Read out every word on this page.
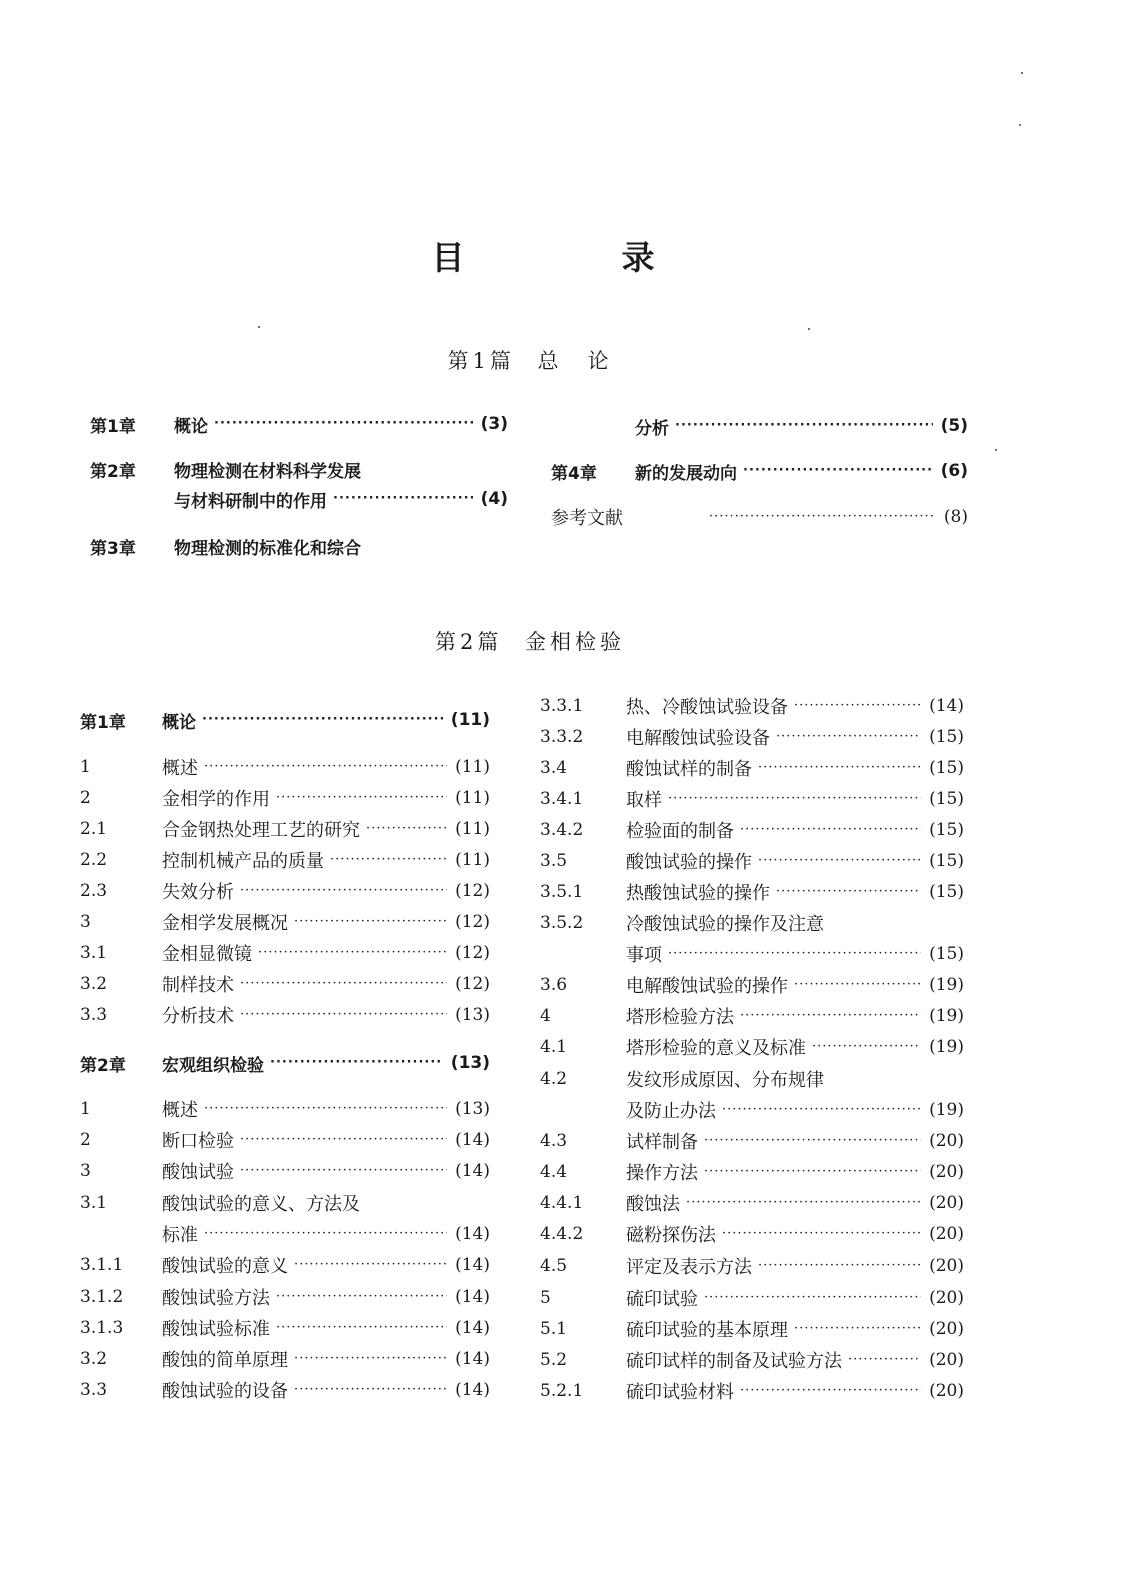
目　录
第1篇 总　论
第2篇 金相检验
第1章 概论	(3)
·····
第2章 物理检测在材料科学发展
与材料研制中的作用	(4)
·····
第3章 物理检测的标准化和综合
分析	(5)
·····
第4章 新的发展动向	(6)
·····
参考文献	(8)
·····
第1章 概论	(11)
·····
1	概述	(11)
·····
2	金相学的作用	(11)
·····
2.1	合金钢热处理工艺的研究	(11)
·····
2.2	控制机械产品的质量	(11)
·····
2.3	失效分析	(12)
·····
3	金相学发展概况	(12)
·····
3.1	金相显微镜	(12)
·····
3.2	制样技术	(12)
·····
3.3	分析技术	(13)
·····
第2章 宏观组织检验	(13)
·····
1	概述	(13)
·····
2	断口检验	(14)
·····
3	酸蚀试验	(14)
·····
3.1	酸蚀试验的意义、方法及
标准	(14)
·····
3.1.1 酸蚀试验的意义	(14)
·····
3.1.2 酸蚀试验方法	(14)
·····
3.1.3 酸蚀试验标准	(14)
·····
3.2	酸蚀的简单原理	(14)
·····
3.3	酸蚀试验的设备	(14)
·····
3.3.1 热、冷酸蚀试验设备	(14)
·····
3.3.2 电解酸蚀试验设备	(15)
·····
3.4	酸蚀试样的制备	(15)
·····
3.4.1 取样	(15)
·····
3.4.2 检验面的制备	(15)
·····
3.5	酸蚀试验的操作	(15)
·····
3.5.1 热酸蚀试验的操作	(15)
·····
3.5.2 冷酸蚀试验的操作及注意
事项	(15)
·····
3.6	电解酸蚀试验的操作	(19)
·····
4	塔形检验方法	(19)
·····
4.1	塔形检验的意义及标准	(19)
·····
4.2	发纹形成原因、分布规律
及防止办法	(19)
·····
4.3	试样制备	(20)
·····
4.4	操作方法	(20)
·····
4.4.1 酸蚀法	(20)
·····
4.4.2 磁粉探伤法	(20)
·····
4.5	评定及表示方法	(20)
·····
5	硫印试验	(20)
·····
5.1	硫印试验的基本原理	(20)
·····
5.2	硫印试样的制备及试验方法	(20)
·····
5.2.1 硫印试验材料	(20)
·····
